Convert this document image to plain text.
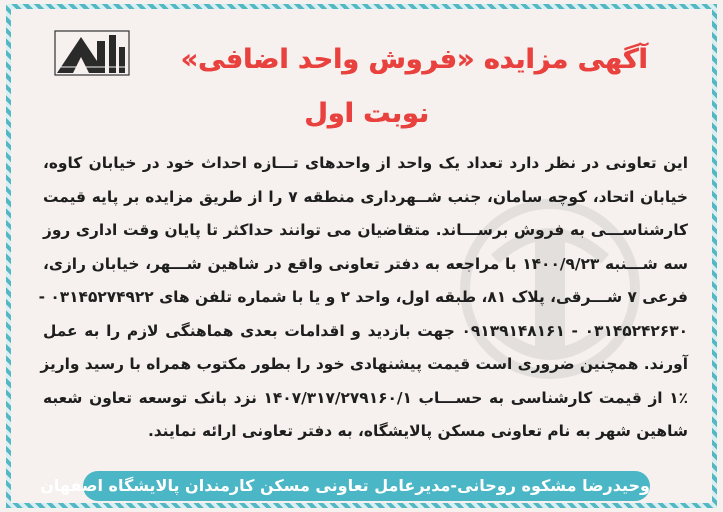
آگهی مزایده «فروش واحد اضافی»
نوبت اول
این تعاونی در نظر دارد تعداد یک واحد از واحدهای تـــازه احداث خود در خیابان کاوه،
خیابان اتحاد، کوچه سامان، جنب شــهرداری منطقه ۷ را از طریق مزایده بر پایه قیمت
کارشناســـی به فروش برســـاند. متقاضیان می توانند حداکثر تا پایان وقت اداری روز
سه شـــنبه ۱۴۰۰/۹/۲۳ با مراجعه به دفتر تعاونی واقع در شاهین شـــهر، خیابان رازی،
فرعی ۷ شـــرقی، پلاک ۸۱، طبقه اول، واحد ۲ و یا با شماره تلفن های ۰۳۱۴۵۲۷۴۹۲۲ -
۰۳۱۴۵۲۴۲۶۳۰ - ۰۹۱۳۹۱۴۸۱۶۱ جهت بازدید و اقدامات بعدی هماهنگی لازم را به عمل
آورند. همچنین ضروری است قیمت پیشنهادی خود را بطور مکتوب همراه با رسید واریز
۱٪ از قیمت کارشناسی به حســـاب ۱۴۰۷/۳۱۷/۲۷۹۱۶۰/۱ نزد بانک توسعه تعاون شعبه
شاهین شهر به نام تعاونی مسکن پالایشگاه، به دفتر تعاونی ارائه نمایند.
وحیدرضا مشکوه روحانی-مدیرعامل تعاونی مسکن کارمندان پالایشگاه اصفهان
